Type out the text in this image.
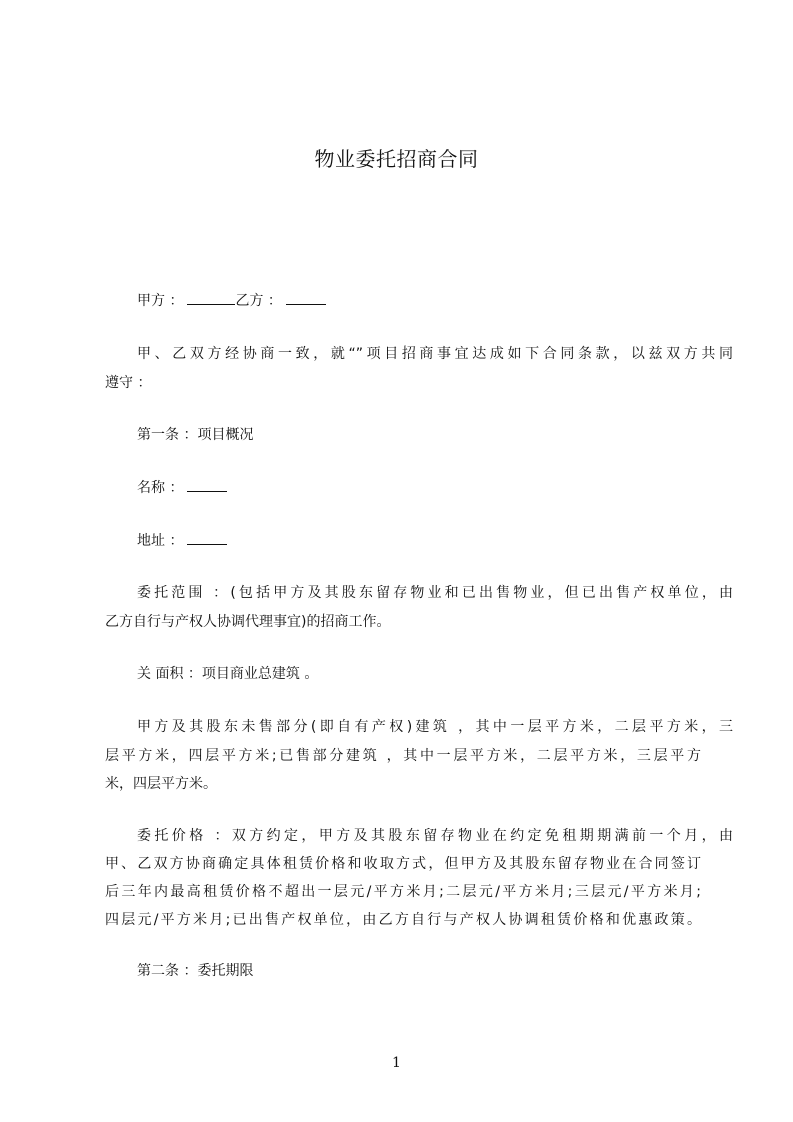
物业委托招商合同
甲方 ：	乙方 ：
甲、乙双方经协商一致，就“”项目招商事宜达成如下合同条款，以兹双方共同
遵守 ：
第一条 ：项目概况
名称 ：
地址 ：
委托范围 ：(包括甲方及其股东留存物业和已出售物业，但已出售产权单位，由
乙方自行与产权人协调代理事宜)的招商工作。
关 面积 ：项目商业总建筑 。
甲方及其股东未售部分(即自有产权)建筑 ，其中一层平方米，二层平方米，三
层平方米，四层平方米;已售部分建筑 ，其中一层平方米，二层平方米，三层平方
米，四层平方米。
委托价格 ：双方约定，甲方及其股东留存物业在约定免租期期满前一个月，由
甲、乙双方协商确定具体租赁价格和收取方式，但甲方及其股东留存物业在合同签订
后三年内最高租赁价格不超出一层元/平方米月;二层元/平方米月;三层元/平方米月;
四层元/平方米月;已出售产权单位，由乙方自行与产权人协调租赁价格和优惠政策。
第二条 ：委托期限
1
